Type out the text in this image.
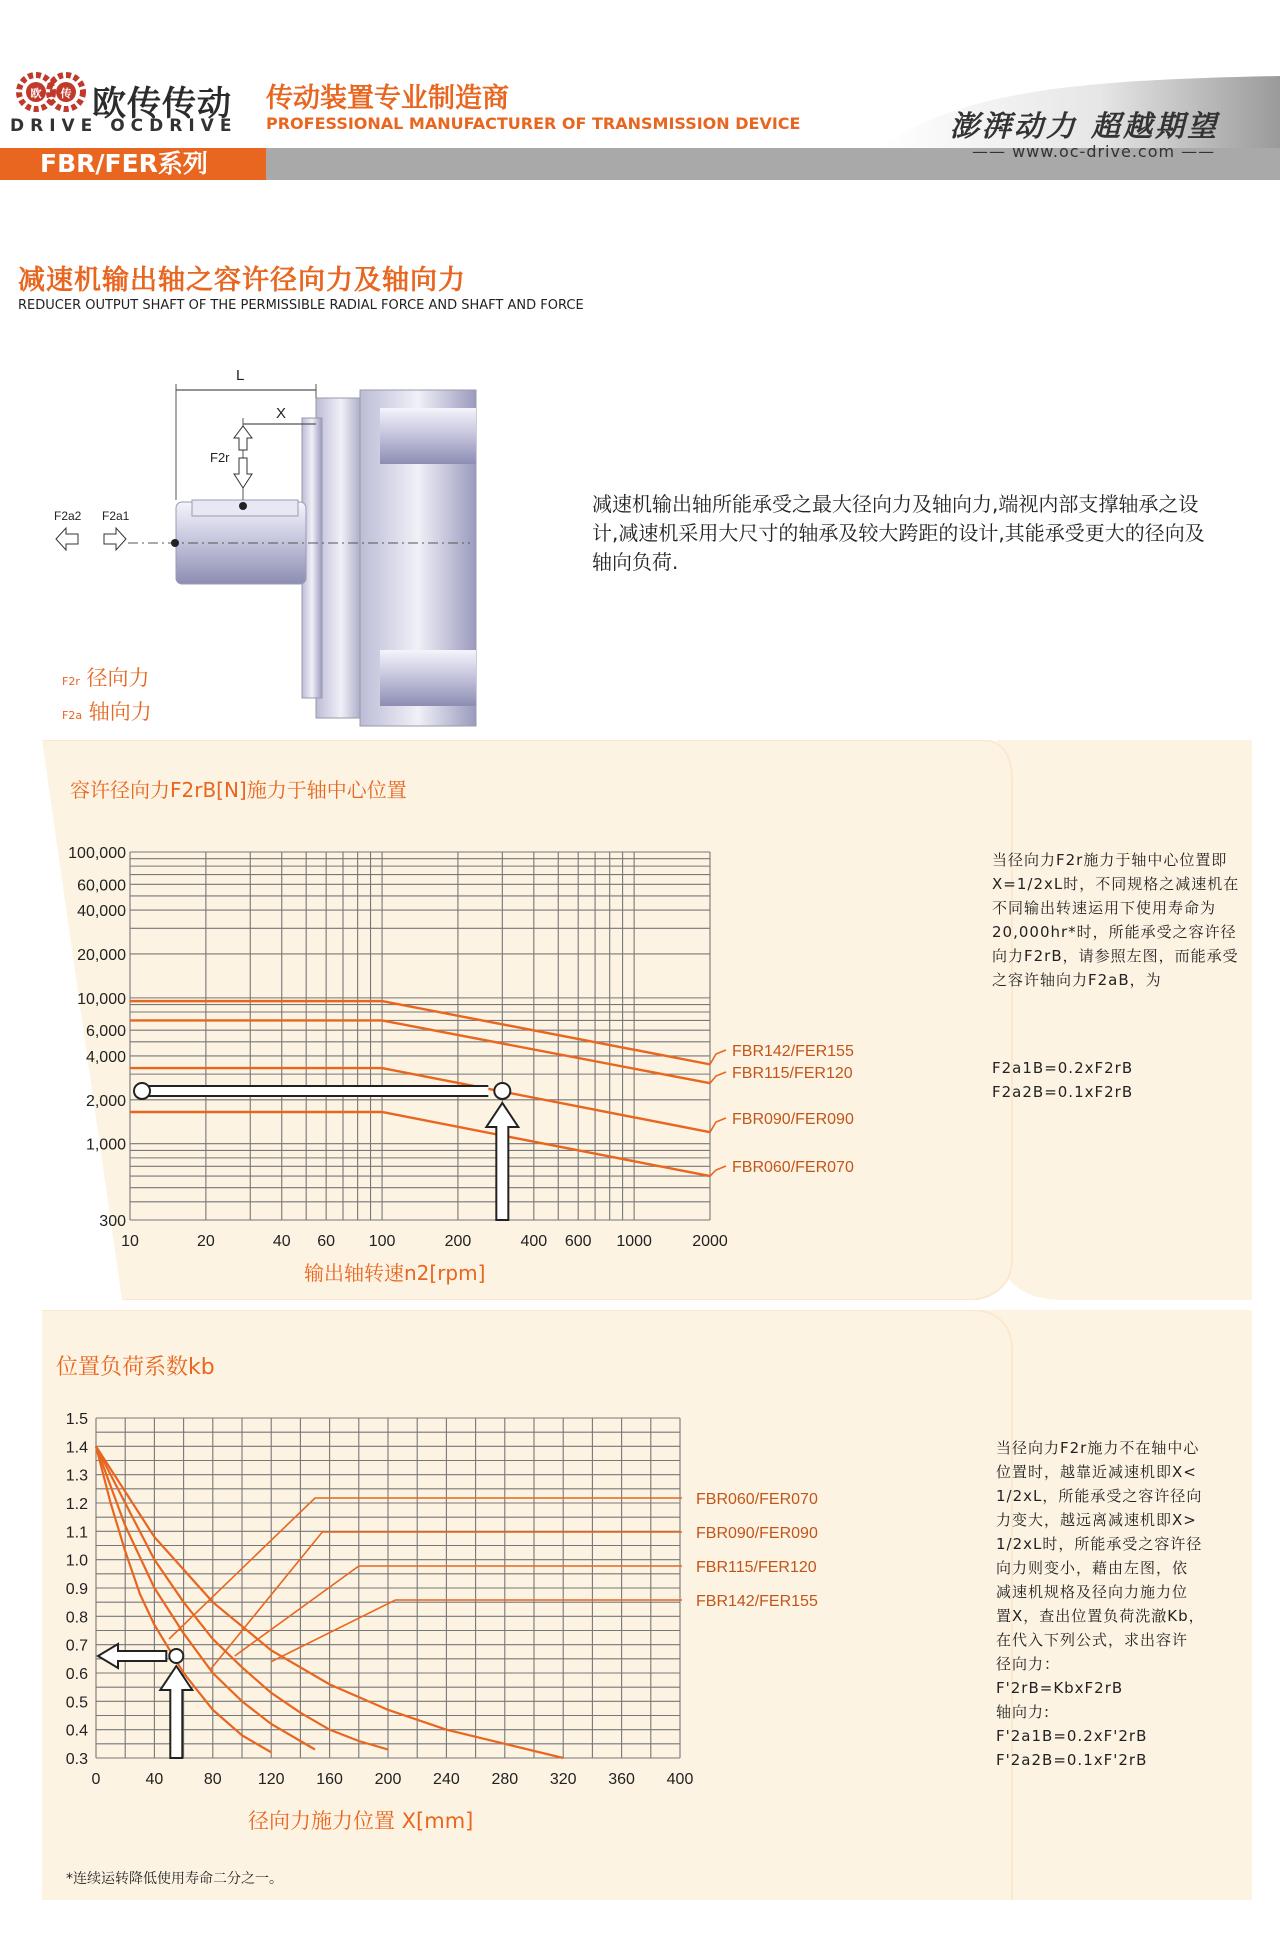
欧 传 欧传传动
DRIVE OCDRIVE
传动装置专业制造商
PROFESSIONAL MANUFACTURER OF TRANSMISSION DEVICE	澎湃动力 超越期望
—— www.oc-drive.com ——
FBR/FER系列
减速机输出轴之容许径向力及轴向力
REDUCER OUTPUT SHAFT OF THE PERMISSIBLE RADIAL FORCE AND SHAFT AND FORCE
L
X
F2r
F2a2 F2a1
F2r 径向力
F2a 轴向力
减速机输出轴所能承受之最大径向力及轴向力,端视内部支撑轴承之设计,减速机采用大尺寸的轴承及较大跨距的设计,其能承受更大的径向及轴向负荷.
容许径向力F2rB[N]施力于轴中心位置
10	20	40 60 100	200	400 600 1000	2000
100,000
60,000
40,000
20,000
10,000
6,000
4,000
2,000
1,000
300
FBR142/FER155
FBR115/FER120
FBR090/FER090
FBR060/FER070
输出轴转速n2[rpm]
当径向力F2r施力于轴中心位置即X=1/2xL时，不同规格之减速机在不同输出转速运用下使用寿命为20,000hr*时，所能承受之容许径向力F2rB，请参照左图，而能承受之容许轴向力F2aB，为
F2a1B=0.2xF2rB
F2a2B=0.1xF2rB
位置负荷系数kb
0	40	80 120 160 200 240 280 320 360 400
1.5
1.4
1.3
1.2
1.1
1.0
0.9
0.8
0.7
0.6
0.5
0.4
0.3
FBR060/FER070
FBR090/FER090
FBR115/FER120
FBR142/FER155
径向力施力位置 X[mm]
当径向力F2r施力不在轴中心
位置时，越靠近减速机即X<
1/2xL，所能承受之容许径向
力变大，越远离减速机即X>
1/2xL时，所能承受之容许径
向力则变小，藉由左图，依
减速机规格及径向力施力位
置X，查出位置负荷洗澈Kb，
在代入下列公式，求出容许
径向力：
F'2rB=KbxF2rB
轴向力:
F'2a1B=0.2xF'2rB
F'2a2B=0.1xF'2rB
*连续运转降低使用寿命二分之一。
